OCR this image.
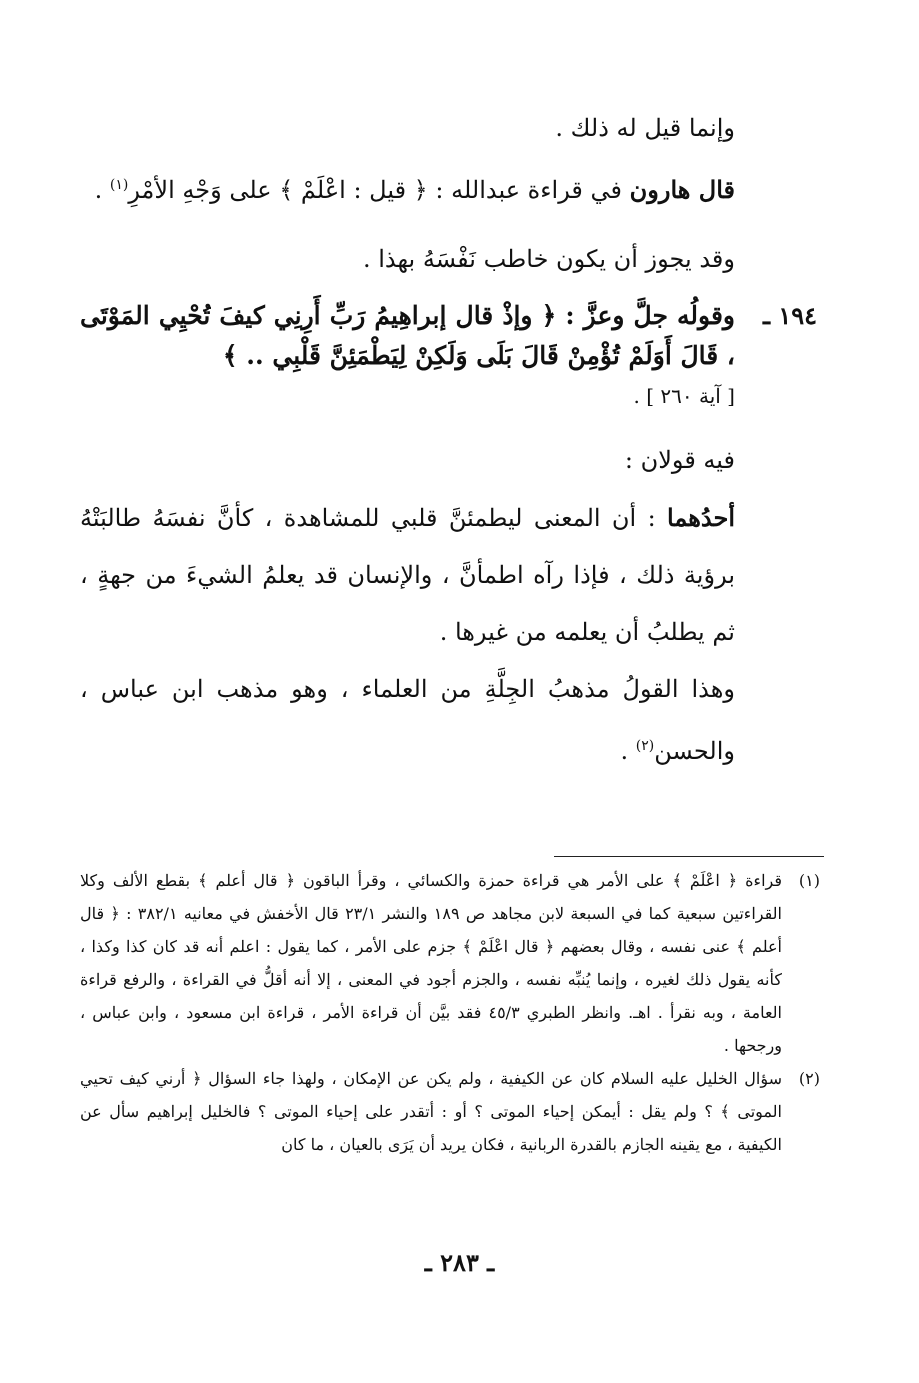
وإنما قيل له ذلك .

قال هارون في قراءة عبدالله : ﴿ قيل : اعْلَمْ ﴾ على وَجْهِ الأمْرِ$^{(١)}$ .

وقد يجوز أن يكون خاطب نَفْسَهُ بهذا .

١٩٤ ـ

وقولُه جلَّ وعزَّ : ﴿ وإذْ قال إبراهِيمُ رَبِّ أَرِنِي كيفَ تُحْيِي المَوْتَى ، قَالَ أَوَلَمْ تُؤْمِنْ قَالَ بَلَى وَلَكِنْ لِيَطْمَئِنَّ قَلْبِي .. ﴾

[ آية ٢٦٠ ] .

فيه قولان :

أحدُهما : أن المعنى ليطمئنَّ قلبي للمشاهدة ، كأنَّ نفسَهُ طالبَتْهُ برؤية ذلك ، فإذا رآه اطمأنَّ ، والإنسان قد يعلمُ الشيءَ من جهةٍ ، ثم يطلبُ أن يعلمه من غيرها .

وهذا القولُ مذهبُ الجِلَّةِ من العلماء ، وهو مذهب ابن عباس ، والحسن$^{(٢)}$ .

(١)
قراءة ﴿ اعْلَمْ ﴾ على الأمر هي قراءة حمزة والكسائي ، وقرأ الباقون ﴿ قال أعلم ﴾ بقطع الألف وكلا القراءتين سبعية كما في السبعة لابن مجاهد ص ١٨٩ والنشر ٢٣/١ قال الأخفش في معانيه ٣٨٢/١ : ﴿ قال أعلم ﴾ عنى نفسه ، وقال بعضهم ﴿ قال اعْلَمْ ﴾ جزم على الأمر ، كما يقول : اعلم أنه قد كان كذا وكذا ، كأنه يقول ذلك لغيره ، وإنما يُنبِّه نفسه ، والجزم أجود في المعنى ، إلا أنه أقلُّ في القراءة ، والرفع قراءة العامة ، وبه نقرأ . اهـ. وانظر الطبري ٤٥/٣ فقد بيَّن أن قراءة الأمر ، قراءة ابن مسعود ، وابن عباس ، ورجحها .

(٢)
سؤال الخليل عليه السلام كان عن الكيفية ، ولم يكن عن الإمكان ، ولهذا جاء السؤال ﴿ أرني كيف تحيي الموتى ﴾ ؟ ولم يقل : أيمكن إحياء الموتى ؟ أو : أتقدر على إحياء الموتى ؟ فالخليل إبراهيم سأل عن الكيفية ، مع يقينه الجازم بالقدرة الربانية ، فكان يريد أن يَرَى بالعيان ، ما كان

ـ ٢٨٣ ـ
